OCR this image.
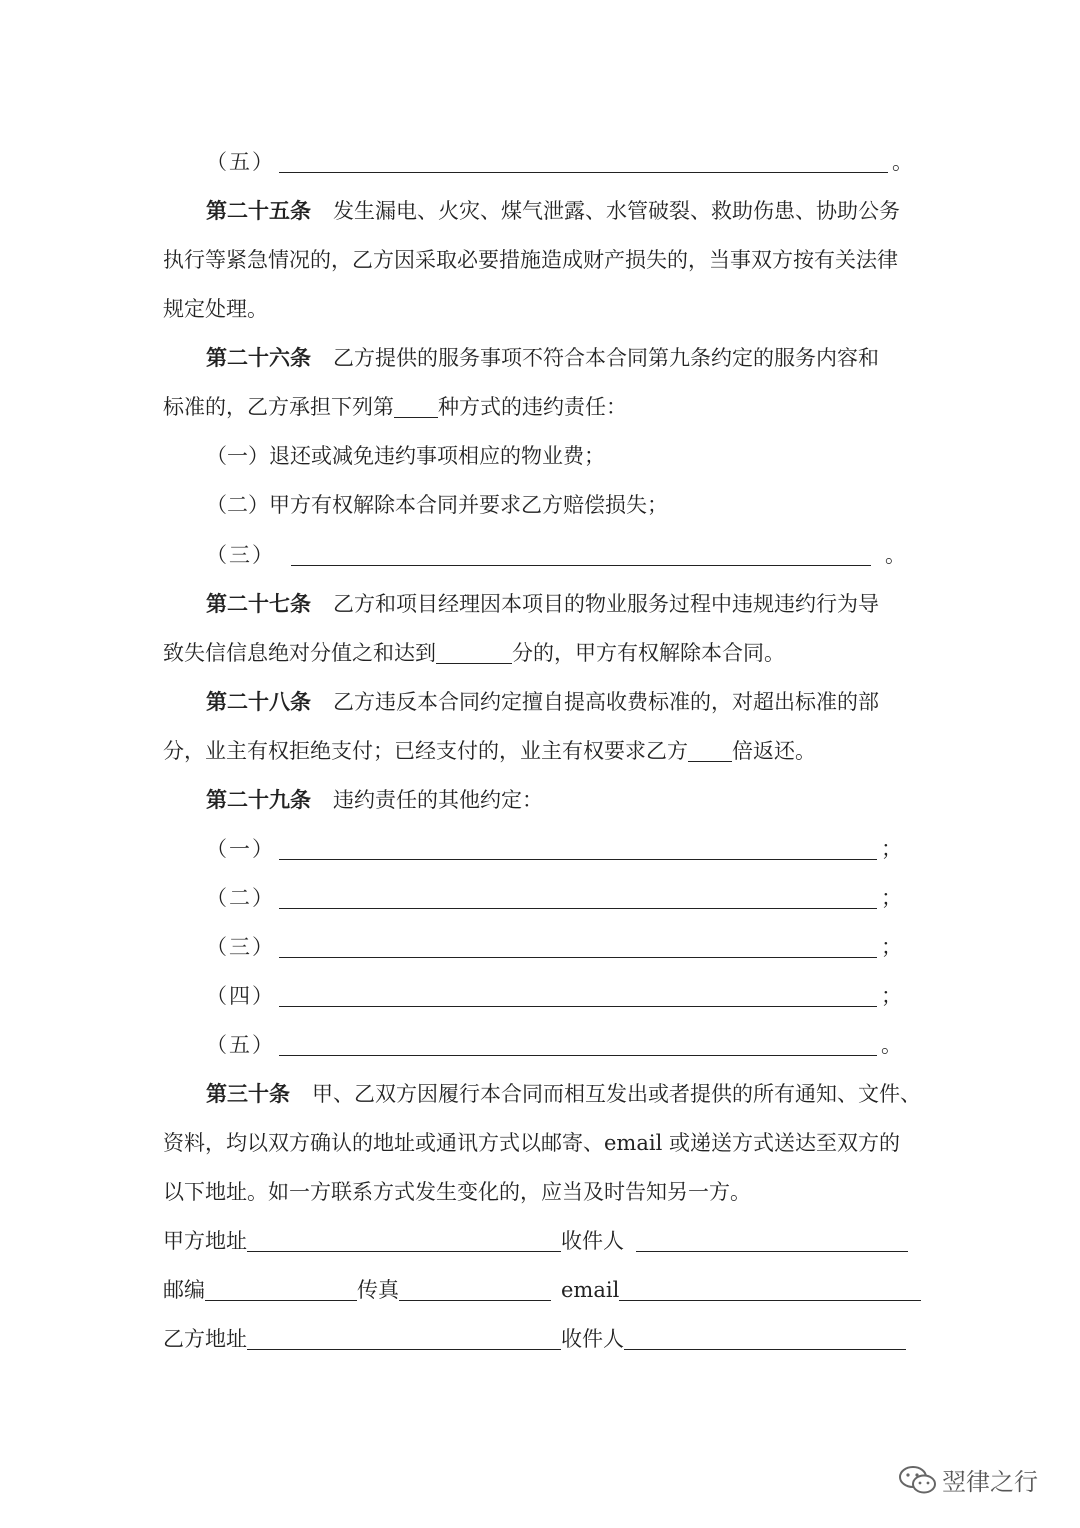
（五）	。
第二十五条 发生漏电、火灾、煤气泄露、水管破裂、救助伤患、协助公务
执行等紧急情况的，乙方因采取必要措施造成财产损失的，当事双方按有关法律
规定处理。
第二十六条 乙方提供的服务事项不符合本合同第九条约定的服务内容和
标准的，乙方承担下列第 种方式的违约责任：
（一）退还或减免违约事项相应的物业费；
（二）甲方有权解除本合同并要求乙方赔偿损失；
（三）	。
第二十七条 乙方和项目经理因本项目的物业服务过程中违规违约行为导
致失信信息绝对分值之和达到	分的，甲方有权解除本合同。
第二十八条 乙方违反本合同约定擅自提高收费标准的，对超出标准的部
分，业主有权拒绝支付；已经支付的，业主有权要求乙方 倍返还。
第二十九条 违约责任的其他约定：
（一）	；
（二）	；
（三）	；
（四）	；
（五）	。
第三十条 甲、乙双方因履行本合同而相互发出或者提供的所有通知、文件、
资料，均以双方确认的地址或通讯方式以邮寄、email 或递送方式送达至双方的
以下地址。如一方联系方式发生变化的，应当及时告知另一方。
甲方地址	收件人
邮编	传真	email
乙方地址	收件人
翌律之行
